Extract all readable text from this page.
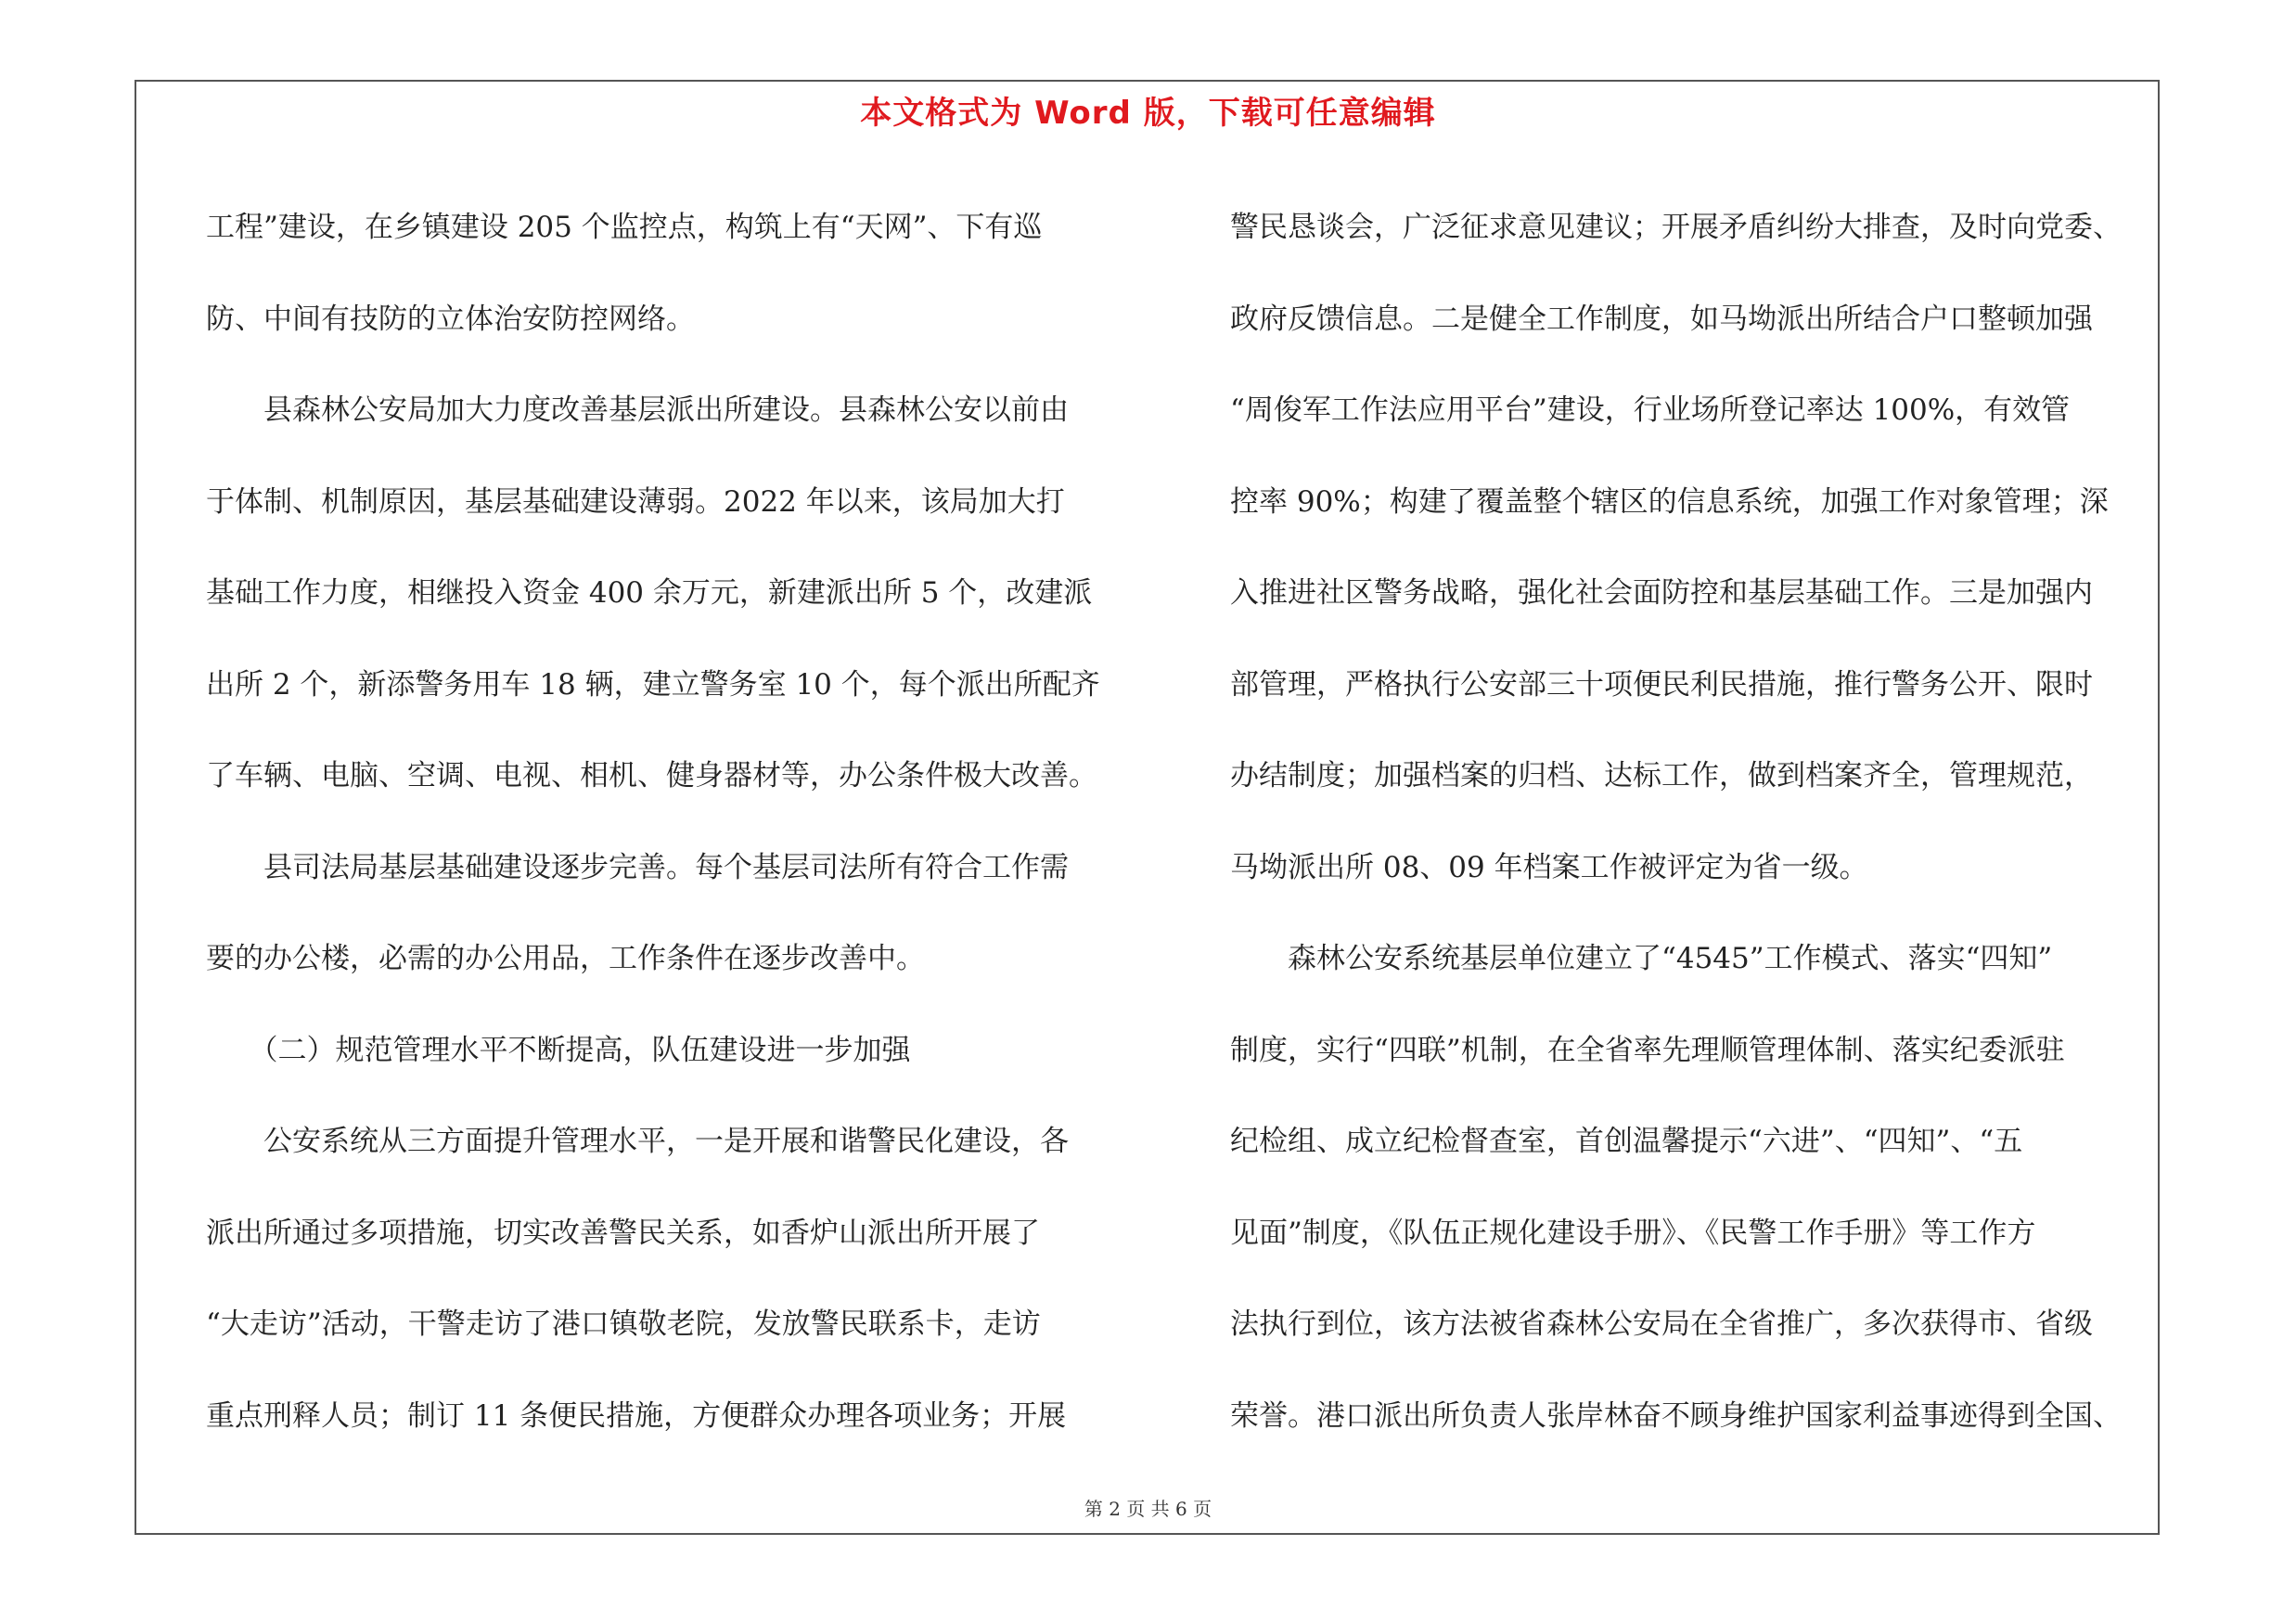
本文格式为 Word 版，下载可任意编辑
工程”建设，在乡镇建设 205 个监控点，构筑上有“天网”、下有巡
防、中间有技防的立体治安防控网络。
　　县森林公安局加大力度改善基层派出所建设。县森林公安以前由
于体制、机制原因，基层基础建设薄弱。2022 年以来，该局加大打
基础工作力度，相继投入资金 400 余万元，新建派出所 5 个，改建派
出所 2 个，新添警务用车 18 辆，建立警务室 10 个，每个派出所配齐
了车辆、电脑、空调、电视、相机、健身器材等，办公条件极大改善。
　　县司法局基层基础建设逐步完善。每个基层司法所有符合工作需
要的办公楼，必需的办公用品，工作条件在逐步改善中。
　　（二）规范管理水平不断提高，队伍建设进一步加强
　　公安系统从三方面提升管理水平，一是开展和谐警民化建设，各
派出所通过多项措施，切实改善警民关系，如香炉山派出所开展了
“大走访”活动，干警走访了港口镇敬老院，发放警民联系卡，走访
重点刑释人员；制订 11 条便民措施，方便群众办理各项业务；开展
警民恳谈会，广泛征求意见建议；开展矛盾纠纷大排查，及时向党委、
政府反馈信息。二是健全工作制度，如马坳派出所结合户口整顿加强
“周俊军工作法应用平台”建设，行业场所登记率达 100%，有效管
控率 90%；构建了覆盖整个辖区的信息系统，加强工作对象管理；深
入推进社区警务战略，强化社会面防控和基层基础工作。三是加强内
部管理，严格执行公安部三十项便民利民措施，推行警务公开、限时
办结制度；加强档案的归档、达标工作，做到档案齐全，管理规范，
马坳派出所 08、09 年档案工作被评定为省一级。
　　森林公安系统基层单位建立了“4545”工作模式、落实“四知”
制度，实行“四联”机制，在全省率先理顺管理体制、落实纪委派驻
纪检组、成立纪检督查室，首创温馨提示“六进”、“四知”、“五
见面”制度，《队伍正规化建设手册》、《民警工作手册》等工作方
法执行到位，该方法被省森林公安局在全省推广，多次获得市、省级
荣誉。港口派出所负责人张岸林奋不顾身维护国家利益事迹得到全国、
第 2 页 共 6 页
